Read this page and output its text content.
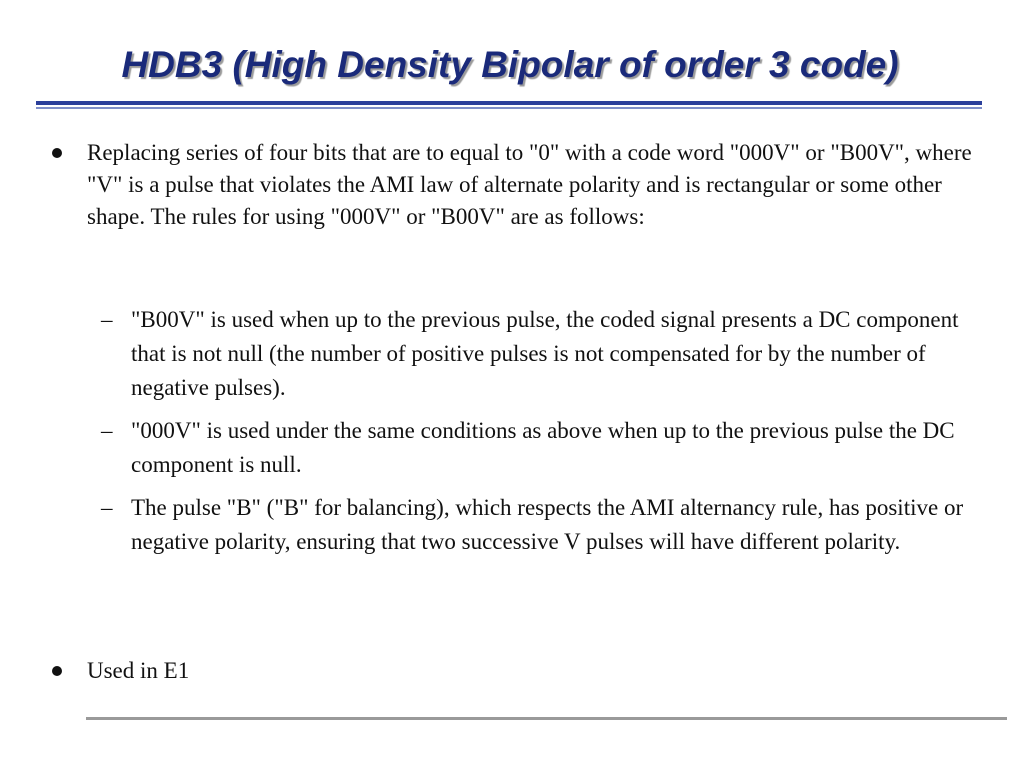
HDB3 (High Density Bipolar of order 3 code)
Replacing series of four bits that are to equal to "0" with a code word "000V" or "B00V", where "V" is a pulse that violates the AMI law of alternate polarity and is rectangular or some other shape. The rules for using "000V" or "B00V" are as follows:
– "B00V" is used when up to the previous pulse, the coded signal presents a DC component that is not null (the number of positive pulses is not compensated for by the number of negative pulses).
– "000V" is used under the same conditions as above when up to the previous pulse the DC component is null.
– The pulse "B" ("B" for balancing), which respects the AMI alternancy rule, has positive or negative polarity, ensuring that two successive V pulses will have different polarity.
Used in E1
